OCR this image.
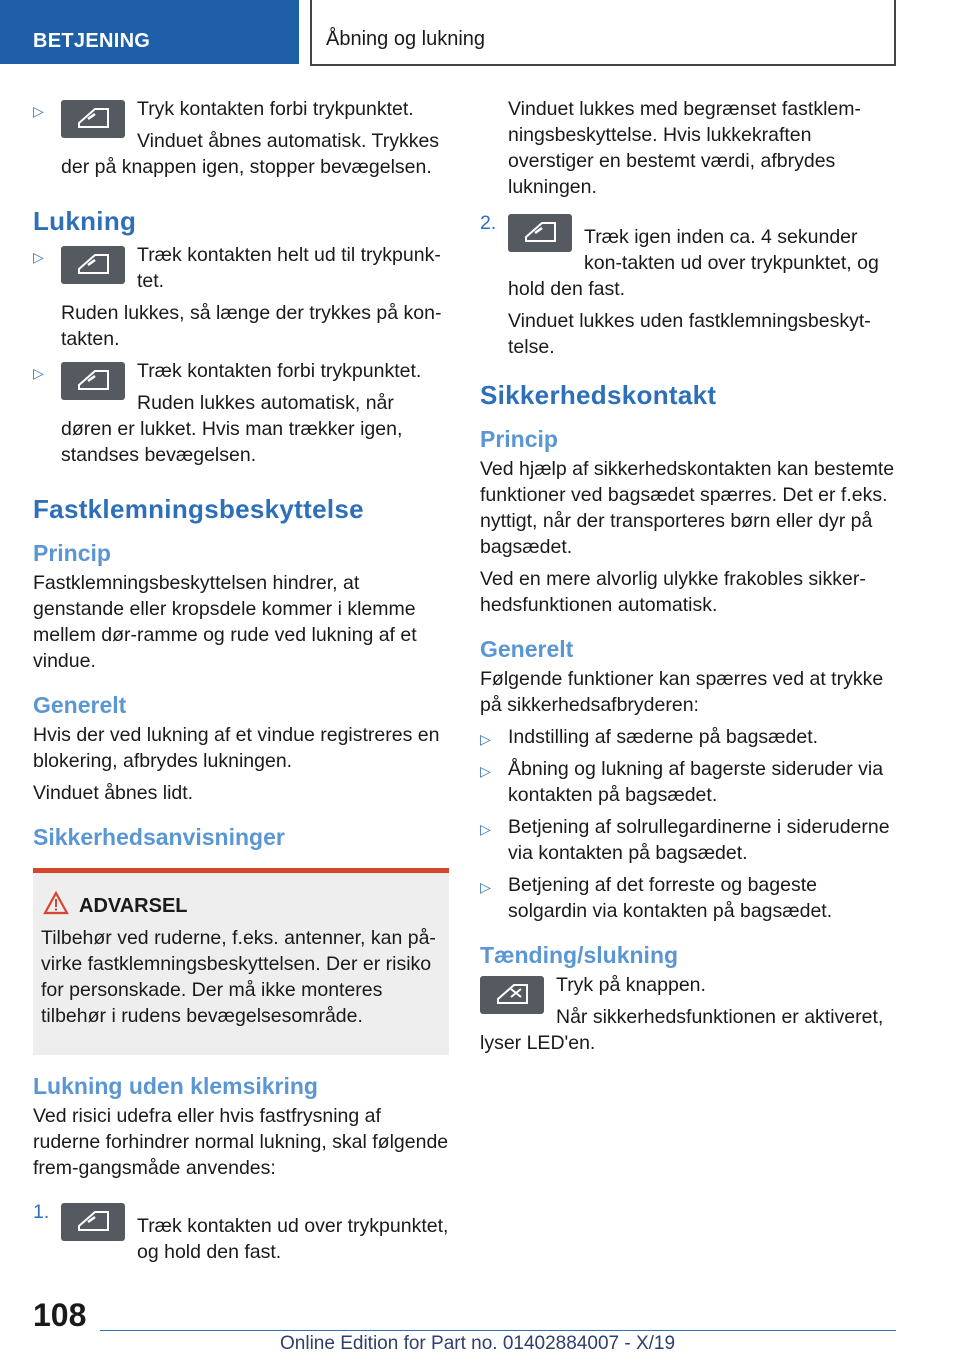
BETJENING	Åbning og lukning
▷	Tryk kontakten forbi trykpunktet.

Vinduet åbnes automatisk. Trykkes der på knappen igen, stopper bevægelsen.

Lukning
▷	Træk kontakten helt ud til trykpunk-tet.

Ruden lukkes, så længe der trykkes på kon-takten.

▷	Træk kontakten forbi trykpunktet.

Ruden lukkes automatisk, når døren er lukket. Hvis man trækker igen, standses bevægelsen.

Fastklemningsbeskyttelse
Princip

Fastklemningsbeskyttelsen hindrer, at genstande eller kropsdele kommer i klemme mellem dør-ramme og rude ved lukning af et vindue.

Generelt

Hvis der ved lukning af et vindue registreres en blokering, afbrydes lukningen.

Vinduet åbnes lidt.

Sikkerhedsanvisninger
ADVARSEL

Tilbehør ved ruderne, f.eks. antenner, kan på-virke fastklemningsbeskyttelsen. Der er risiko for personskade. Der må ikke monteres tilbehør i rudens bevægelsesområde.

Lukning uden klemsikring

Ved risici udefra eller hvis fastfrysning af ruderne forhindrer normal lukning, skal følgende frem-gangsmåde anvendes:

1.

Træk kontakten ud over trykpunktet, og hold den fast.

Vinduet lukkes med begrænset fastklem-ningsbeskyttelse. Hvis lukkekraften overstiger en bestemt værdi, afbrydes lukningen.

2.

Træk igen inden ca. 4 sekunder kon-takten ud over trykpunktet, og hold den fast.

Vinduet lukkes uden fastklemningsbeskyt-telse.

Sikkerhedskontakt
Princip

Ved hjælp af sikkerhedskontakten kan bestemte funktioner ved bagsædet spærres. Det er f.eks. nyttigt, når der transporteres børn eller dyr på bagsædet.

Ved en mere alvorlig ulykke frakobles sikker-hedsfunktionen automatisk.

Generelt

Følgende funktioner kan spærres ved at trykke på sikkerhedsafbryderen:

▷ Indstilling af sæderne på bagsædet.

▷ Åbning og lukning af bagerste sideruder via kontakten på bagsædet.

▷ Betjening af solrullegardinerne i sideruderne via kontakten på bagsædet.

▷ Betjening af det forreste og bageste solgardin via kontakten på bagsædet.

Tænding/slukning

Tryk på knappen.

Når sikkerhedsfunktionen er aktiveret, lyser LED'en.

108
Online Edition for Part no. 01402884007 - X/19
